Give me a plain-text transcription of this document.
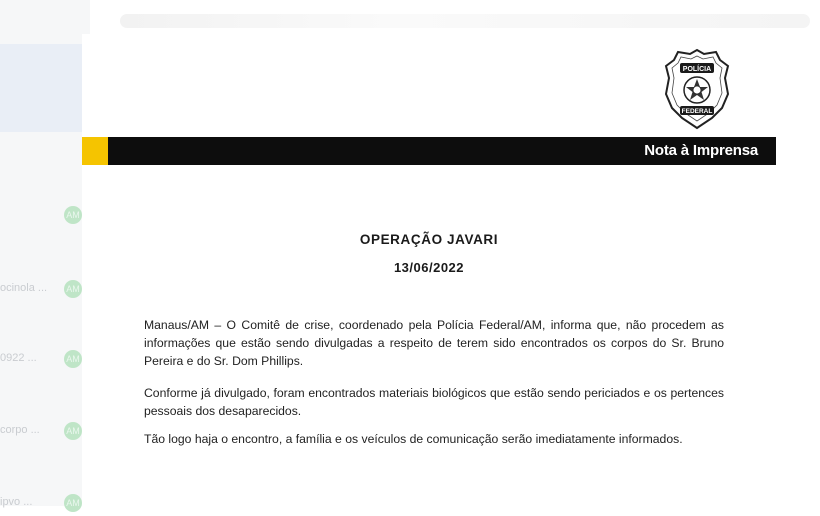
AM
ocinola ...	AM
0922 ...	AM
corpo ...	AM
ipvo ...	AM
POLÍCIA
FEDERAL
Nota à Imprensa
OPERAÇÃO JAVARI
13/06/2022

Manaus/AM – O Comitê de crise, coordenado pela Polícia Federal/AM, informa que, não procedem as informações que estão sendo divulgadas a respeito de terem sido encontrados os corpos do Sr. Bruno Pereira e do Sr. Dom Phillips.

Conforme já divulgado, foram encontrados materiais biológicos que estão sendo periciados e os pertences pessoais dos desaparecidos.

Tão logo haja o encontro, a família e os veículos de comunicação serão imediatamente informados.
